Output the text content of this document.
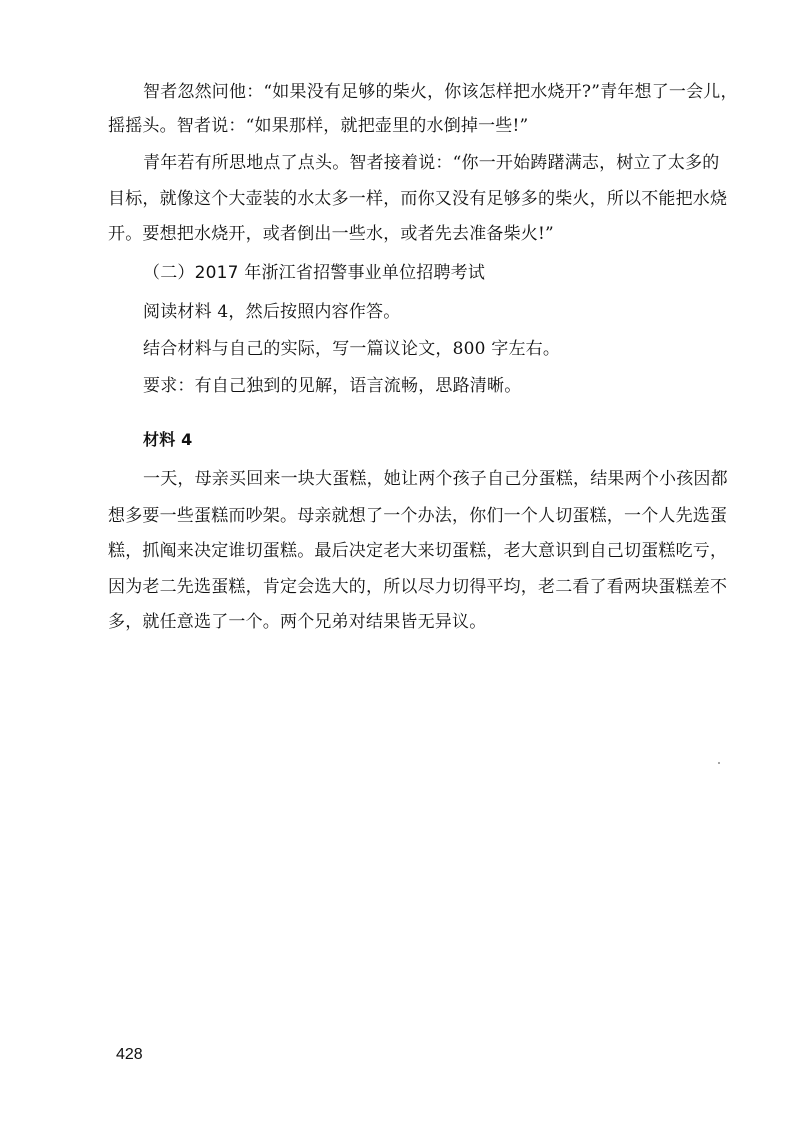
智者忽然问他：“如果没有足够的柴火，你该怎样把水烧开?”青年想了一会儿，
摇摇头。智者说：“如果那样，就把壶里的水倒掉一些!”
青年若有所思地点了点头。智者接着说：“你一开始踌躇满志，树立了太多的
目标，就像这个大壶装的水太多一样，而你又没有足够多的柴火，所以不能把水烧
开。要想把水烧开，或者倒出一些水，或者先去准备柴火!”
（二）2017 年浙江省招警事业单位招聘考试
阅读材料 4，然后按照内容作答。
结合材料与自己的实际，写一篇议论文，800 字左右。
要求：有自己独到的见解，语言流畅，思路清晰。
材料 4
一天，母亲买回来一块大蛋糕，她让两个孩子自己分蛋糕，结果两个小孩因都
想多要一些蛋糕而吵架。母亲就想了一个办法，你们一个人切蛋糕，一个人先选蛋
糕，抓阄来决定谁切蛋糕。最后决定老大来切蛋糕，老大意识到自己切蛋糕吃亏，
因为老二先选蛋糕，肯定会选大的，所以尽力切得平均，老二看了看两块蛋糕差不
多，就任意选了一个。两个兄弟对结果皆无异议。
428
